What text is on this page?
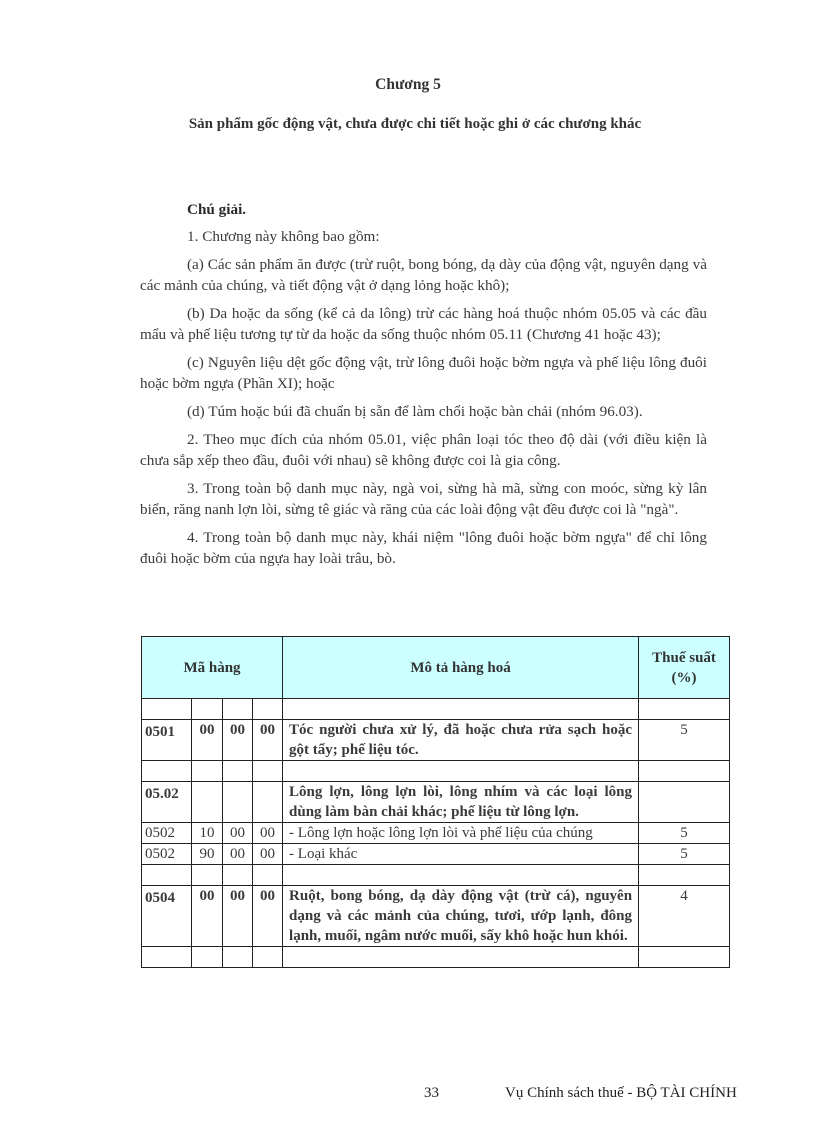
Chương 5
Sản phẩm gốc động vật, chưa được chi tiết hoặc ghi ở các chương khác

Chú giải.

1. Chương này không bao gồm:

(a) Các sản phẩm ăn được (trừ ruột, bong bóng, dạ dày của động vật, nguyên dạng và các mảnh của chúng, và tiết động vật ở dạng lỏng hoặc khô);

(b) Da hoặc da sống (kể cả da lông) trừ các hàng hoá thuộc nhóm 05.05 và các đầu mẩu và phế liệu tương tự từ da hoặc da sống thuộc nhóm 05.11 (Chương 41 hoặc 43);

(c) Nguyên liệu dệt gốc động vật, trừ lông đuôi hoặc bờm ngựa và phế liệu lông đuôi hoặc bờm ngựa (Phần XI); hoặc

(d) Túm hoặc búi đã chuẩn bị sẵn để làm chổi hoặc bàn chải (nhóm 96.03).

2. Theo mục đích của nhóm 05.01, việc phân loại tóc theo độ dài (với điều kiện là chưa sắp xếp theo đầu, đuôi với nhau) sẽ không được coi là gia công.

3. Trong toàn bộ danh mục này, ngà voi, sừng hà mã, sừng con moóc, sừng kỳ lân biển, răng nanh lợn lòi, sừng tê giác và răng của các loài động vật đều được coi là "ngà".

4. Trong toàn bộ danh mục này, khái niệm "lông đuôi hoặc bờm ngựa" để chỉ lông đuôi hoặc bờm của ngựa hay loài trâu, bò.

Mã hàng				Mô tả hàng hoá	Thuế suất (%)

0501	00	00	00	Tóc người chưa xử lý, đã hoặc chưa rửa sạch hoặc gột tẩy; phế liệu tóc.	5

05.02				Lông lợn, lông lợn lòi, lông nhím và các loại lông dùng làm bàn chải khác; phế liệu từ lông lợn.	
0502	10	00	00	- Lông lợn hoặc lông lợn lòi và phế liệu của chúng	5
0502	90	00	00	- Loại khác	5

0504	00	00	00	Ruột, bong bóng, dạ dày động vật (trừ cá), nguyên dạng và các mảnh của chúng, tươi, ướp lạnh, đông lạnh, muối, ngâm nước muối, sấy khô hoặc hun khói.	4

33	Vụ Chính sách thuế - BỘ TÀI CHÍNH
